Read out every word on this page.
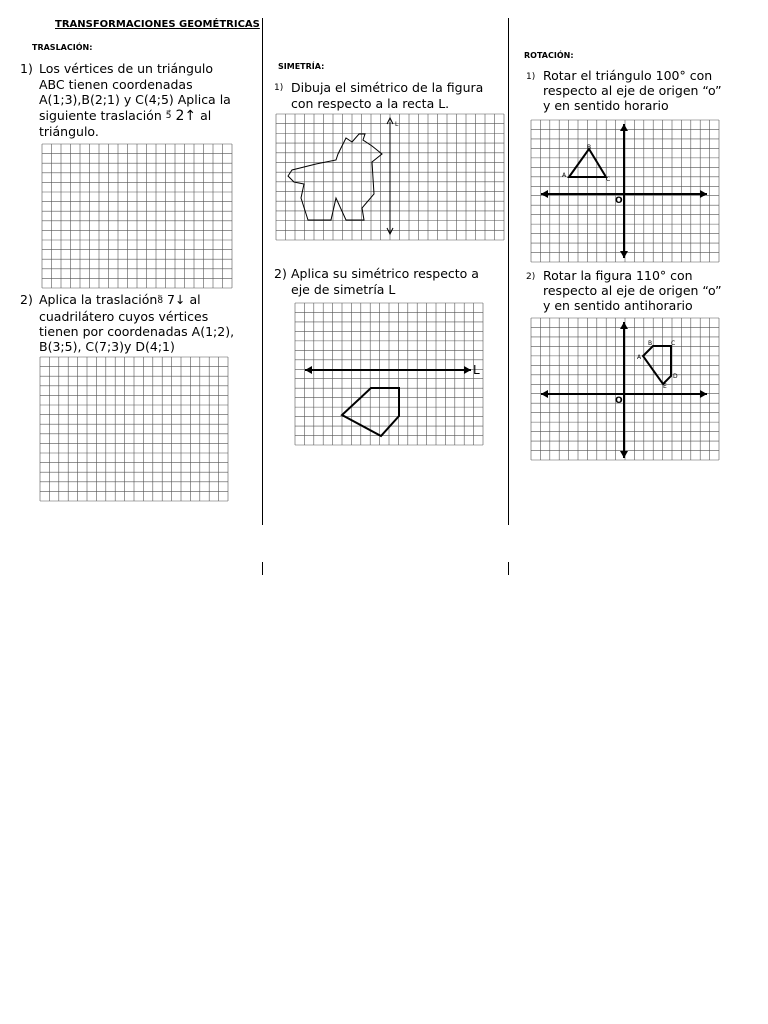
TRANSFORMACIONES GEOMÉTRICAS
TRASLACIÓN:
1) Los vértices de un triángulo
ABC tienen coordenadas
A(1;3),B(2;1) y C(4;5) Aplica la
siguiente traslación 5⃗ 2↑ al
triángulo.
2) Aplica la traslación8⃖ 7↓ al
cuadrilátero cuyos vértices
tienen por coordenadas A(1;2),
B(3;5), C(7;3)y D(4;1)
SIMETRÍA:
1) Dibuja el simétrico de la figura
con respecto a la recta L.
L
2) Aplica su simétrico respecto a
eje de simetría L
L
ROTACIÓN:
1) Rotar el triángulo 100° con
respecto al eje de origen “o”
y en sentido horario
O
A
B
C
2) Rotar la figura 110° con
respecto al eje de origen “o”
y en sentido antihorario
O
A
B	C
D
E
